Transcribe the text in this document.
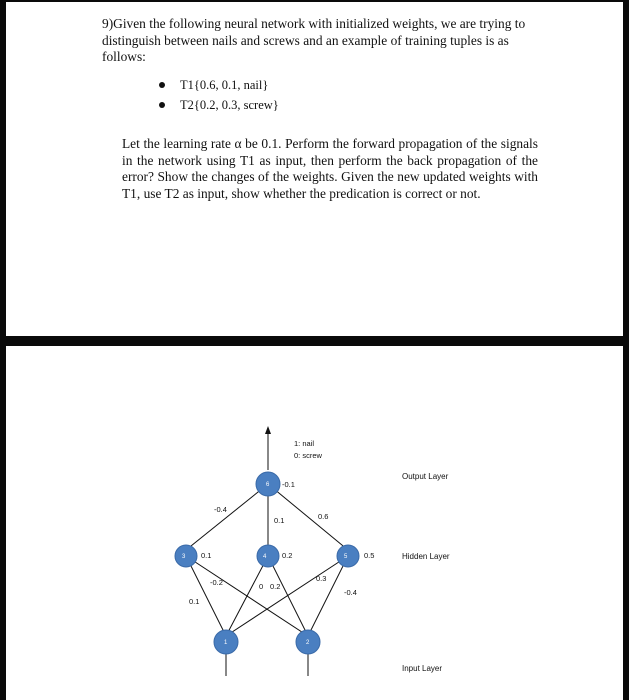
9)Given the following neural network with initialized weights, we are trying to distinguish between nails and screws and an example of training tuples is as follows:
T1{0.6, 0.1, nail}
T2{0.2, 0.3, screw}
Let the learning rate α be 0.1. Perform the forward propagation of the signals in the network using T1 as input, then perform the back propagation of the error? Show the changes of the weights. Given the new updated weights with T1, use T2 as input, show whether the predication is correct or not.
6
3	4	5
1	2
1: nail
0: screw
-0.1
-0.4
0.1	0.6
0.1	0.2	0.5
-0.2
0.1
0 0.2
0.3
-0.4
Output Layer
Hidden Layer
Input Layer
